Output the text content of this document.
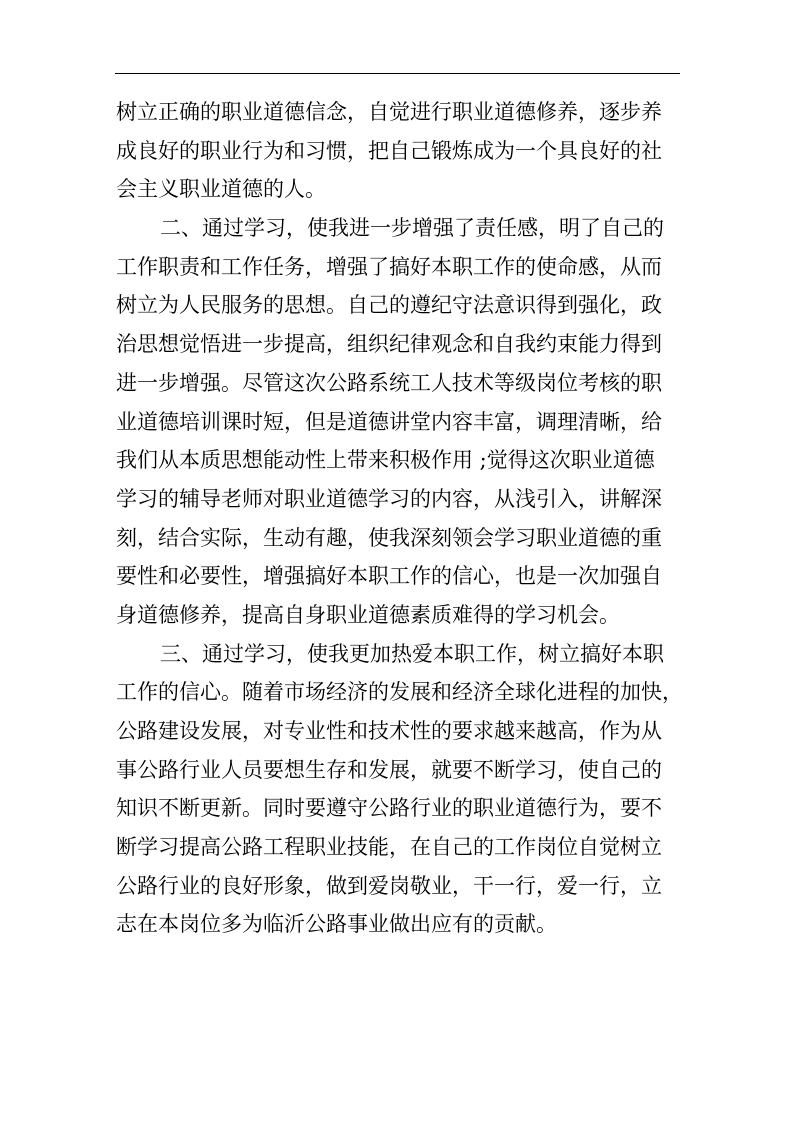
树立正确的职业道德信念，自觉进行职业道德修养，逐步养
成良好的职业行为和习惯，把自己锻炼成为一个具良好的社
会主义职业道德的人。
二、通过学习，使我进一步增强了责任感，明了自己的
工作职责和工作任务，增强了搞好本职工作的使命感，从而
树立为人民服务的思想。自己的遵纪守法意识得到强化，政
治思想觉悟进一步提高，组织纪律观念和自我约束能力得到
进一步增强。尽管这次公路系统工人技术等级岗位考核的职
业道德培训课时短，但是道德讲堂内容丰富，调理清晰，给
我们从本质思想能动性上带来积极作用 ;觉得这次职业道德
学习的辅导老师对职业道德学习的内容，从浅引入，讲解深
刻，结合实际，生动有趣，使我深刻领会学习职业道德的重
要性和必要性，增强搞好本职工作的信心，也是一次加强自
身道德修养，提高自身职业道德素质难得的学习机会。
三、通过学习，使我更加热爱本职工作，树立搞好本职
工作的信心。随着市场经济的发展和经济全球化进程的加快，
公路建设发展，对专业性和技术性的要求越来越高，作为从
事公路行业人员要想生存和发展，就要不断学习，使自己的
知识不断更新。同时要遵守公路行业的职业道德行为，要不
断学习提高公路工程职业技能，在自己的工作岗位自觉树立
公路行业的良好形象，做到爱岗敬业，干一行，爱一行，立
志在本岗位多为临沂公路事业做出应有的贡献。
